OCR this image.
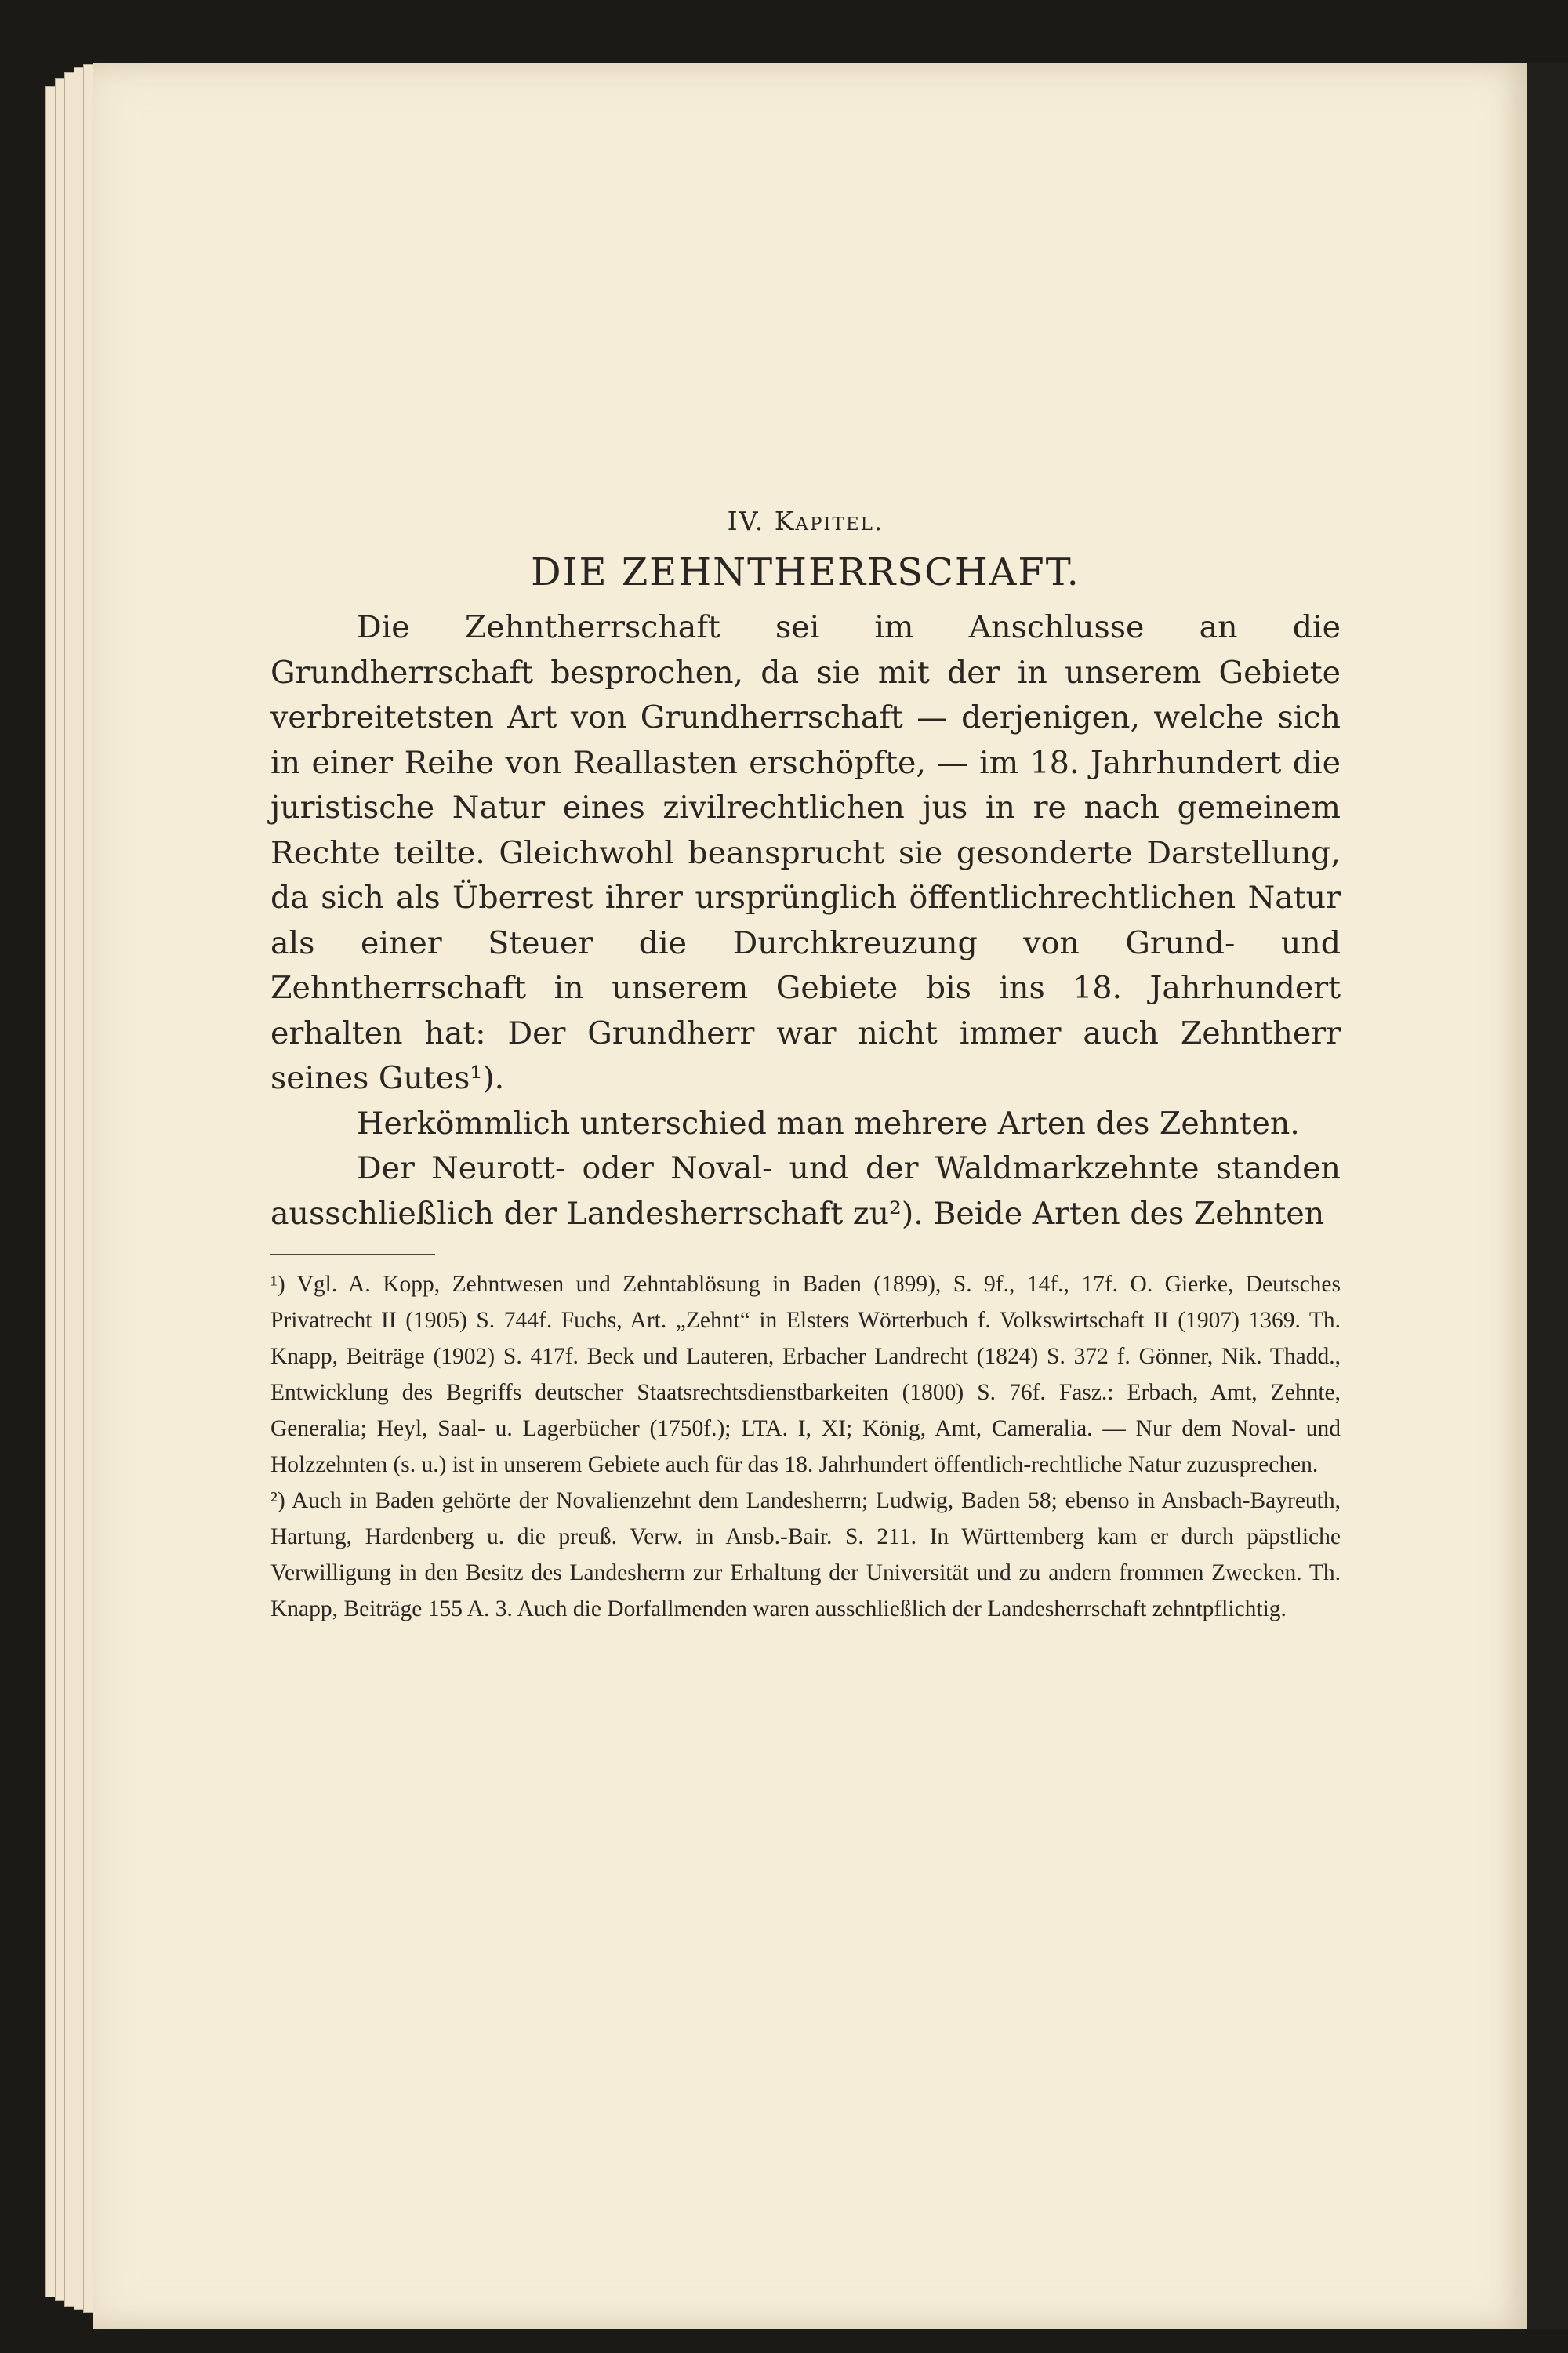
IV. Kapitel.
DIE ZEHNTHERRSCHAFT.

Die Zehntherrschaft sei im Anschlusse an die Grundherrschaft besprochen, da sie mit der in unserem Gebiete verbreitetsten Art von Grundherrschaft — derjenigen, welche sich in einer Reihe von Reallasten erschöpfte, — im 18. Jahrhundert die juristische Natur eines zivilrechtlichen jus in re nach gemeinem Rechte teilte. Gleichwohl beansprucht sie gesonderte Darstellung, da sich als Überrest ihrer ursprünglich öffentlichrechtlichen Natur als einer Steuer die Durchkreuzung von Grund- und Zehntherrschaft in unserem Gebiete bis ins 18. Jahrhundert erhalten hat: Der Grundherr war nicht immer auch Zehntherr seines Gutes¹).

Herkömmlich unterschied man mehrere Arten des Zehnten.

Der Neurott- oder Noval- und der Waldmarkzehnte standen ausschließlich der Landesherrschaft zu²). Beide Arten des Zehnten

¹) Vgl. A. Kopp, Zehntwesen und Zehntablösung in Baden (1899), S. 9f., 14f., 17f. O. Gierke, Deutsches Privatrecht II (1905) S. 744f. Fuchs, Art. „Zehnt“ in Elsters Wörterbuch f. Volkswirtschaft II (1907) 1369. Th. Knapp, Beiträge (1902) S. 417f. Beck und Lauteren, Erbacher Landrecht (1824) S. 372 f. Gönner, Nik. Thadd., Entwicklung des Begriffs deutscher Staatsrechtsdienstbarkeiten (1800) S. 76f. Fasz.: Erbach, Amt, Zehnte, Generalia; Heyl, Saal- u. Lagerbücher (1750f.); LTA. I, XI; König, Amt, Cameralia. — Nur dem Noval- und Holzzehnten (s. u.) ist in unserem Gebiete auch für das 18. Jahrhundert öffentlich-rechtliche Natur zuzusprechen.

²) Auch in Baden gehörte der Novalienzehnt dem Landesherrn; Ludwig, Baden 58; ebenso in Ansbach-Bayreuth, Hartung, Hardenberg u. die preuß. Verw. in Ansb.-Bair. S. 211. In Württemberg kam er durch päpstliche Verwilligung in den Besitz des Landesherrn zur Erhaltung der Universität und zu andern frommen Zwecken. Th. Knapp, Beiträge 155 A. 3. Auch die Dorfallmenden waren ausschließlich der Landesherrschaft zehntpflichtig.
